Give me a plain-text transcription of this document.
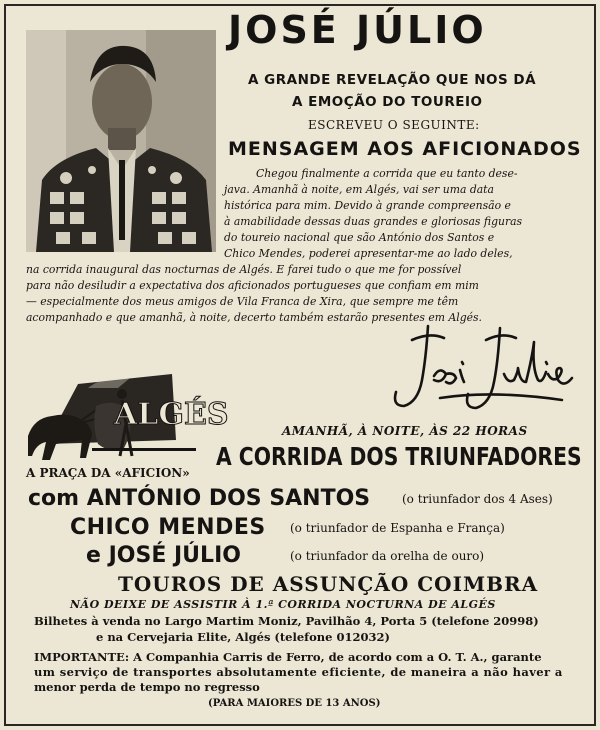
JOSÉ JÚLIO
A GRANDE REVELAÇÃO QUE NOS DÁ
A EMOÇÃO DO TOUREIO
ESCREVEU O SEGUINTE:
MENSAGEM AOS AFICIONADOS
Chegou finalmente a corrida que eu tanto dese-
java. Amanhã à noite, em Algés, vai ser uma data
histórica para mim. Devido à grande compreensão e
à amabilidade dessas duas grandes e gloriosas figuras
do toureio nacional que são António dos Santos e
Chico Mendes, poderei apresentar-me ao lado deles,
na corrida inaugural das nocturnas de Algés. E farei tudo o que me for possível
para não desiludir a expectativa dos aficionados portugueses que confiam em mim
— especialmente dos meus amigos de Vila Franca de Xira, que sempre me têm
acompanhado e que amanhã, à noite, decerto também estarão presentes em Algés.
ALGÉS
A PRAÇA DA «AFICION»
AMANHÃ, À NOITE, ÀS 22 HORAS
A CORRIDA DOS TRIUNFADORES
com ANTÓNIO DOS SANTOS	(o triunfador dos 4 Ases)
CHICO MENDES (o triunfador de Espanha e França)
e JOSÉ JÚLIO	(o triunfador da orelha de ouro)
TOUROS DE ASSUNÇÃO COIMBRA
NÃO DEIXE DE ASSISTIR À 1.ª CORRIDA NOCTURNA DE ALGÉS
Bilhetes à venda no Largo Martim Moniz, Pavilhão 4, Porta 5 (telefone 20998)
e na Cervejaria Elite, Algés (telefone 012032)
IMPORTANTE: A Companhia Carris de Ferro, de acordo com a O. T. A., garante
um serviço de transportes absolutamente eficiente, de maneira a não haver a
menor perda de tempo no regresso
(PARA MAIORES DE 13 ANOS)
